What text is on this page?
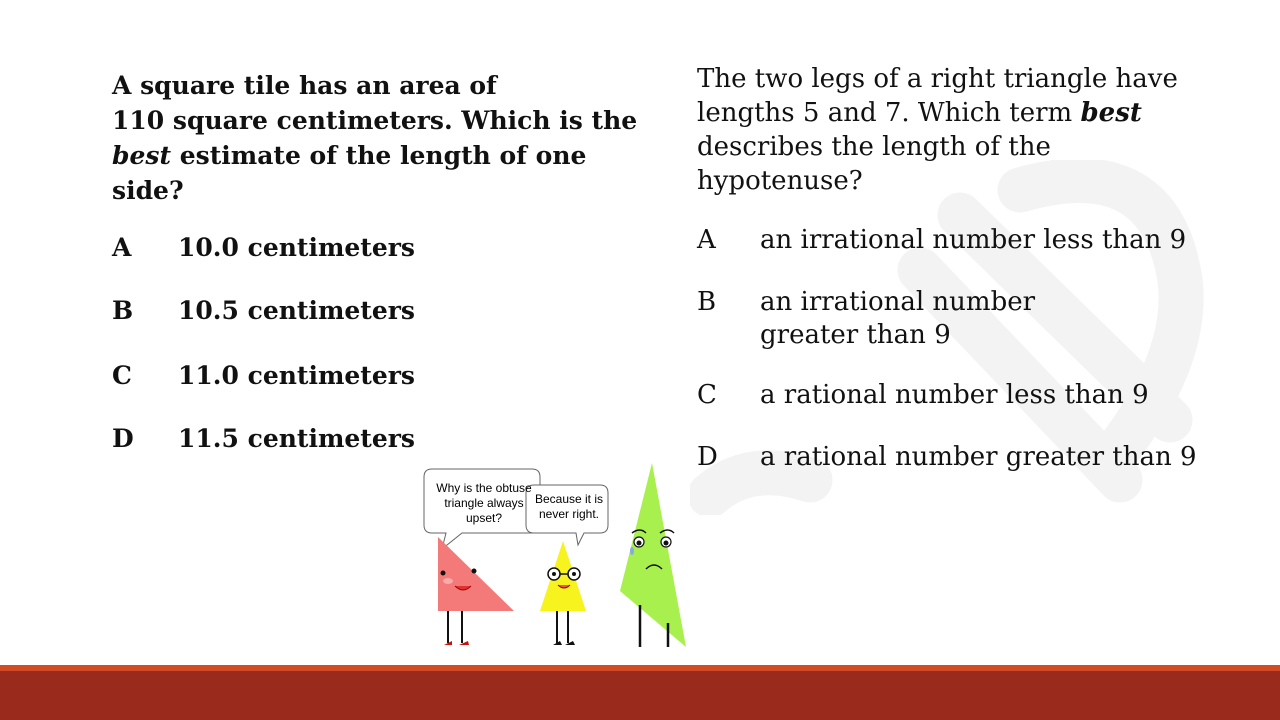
A square tile has an area of
110 square centimeters. Which is the
best estimate of the length of one
side?
A	10.0 centimeters
B	10.5 centimeters
C	11.0 centimeters
D	11.5 centimeters
The two legs of a right triangle have
lengths 5 and 7. Which term best
describes the length of the
hypotenuse?
A	an irrational number less than 9
B	an irrational number greater than 9
C	a rational number less than 9
D	a rational number greater than 9
Why is the obtuse
triangle always
upset?
Because it is
never right.
